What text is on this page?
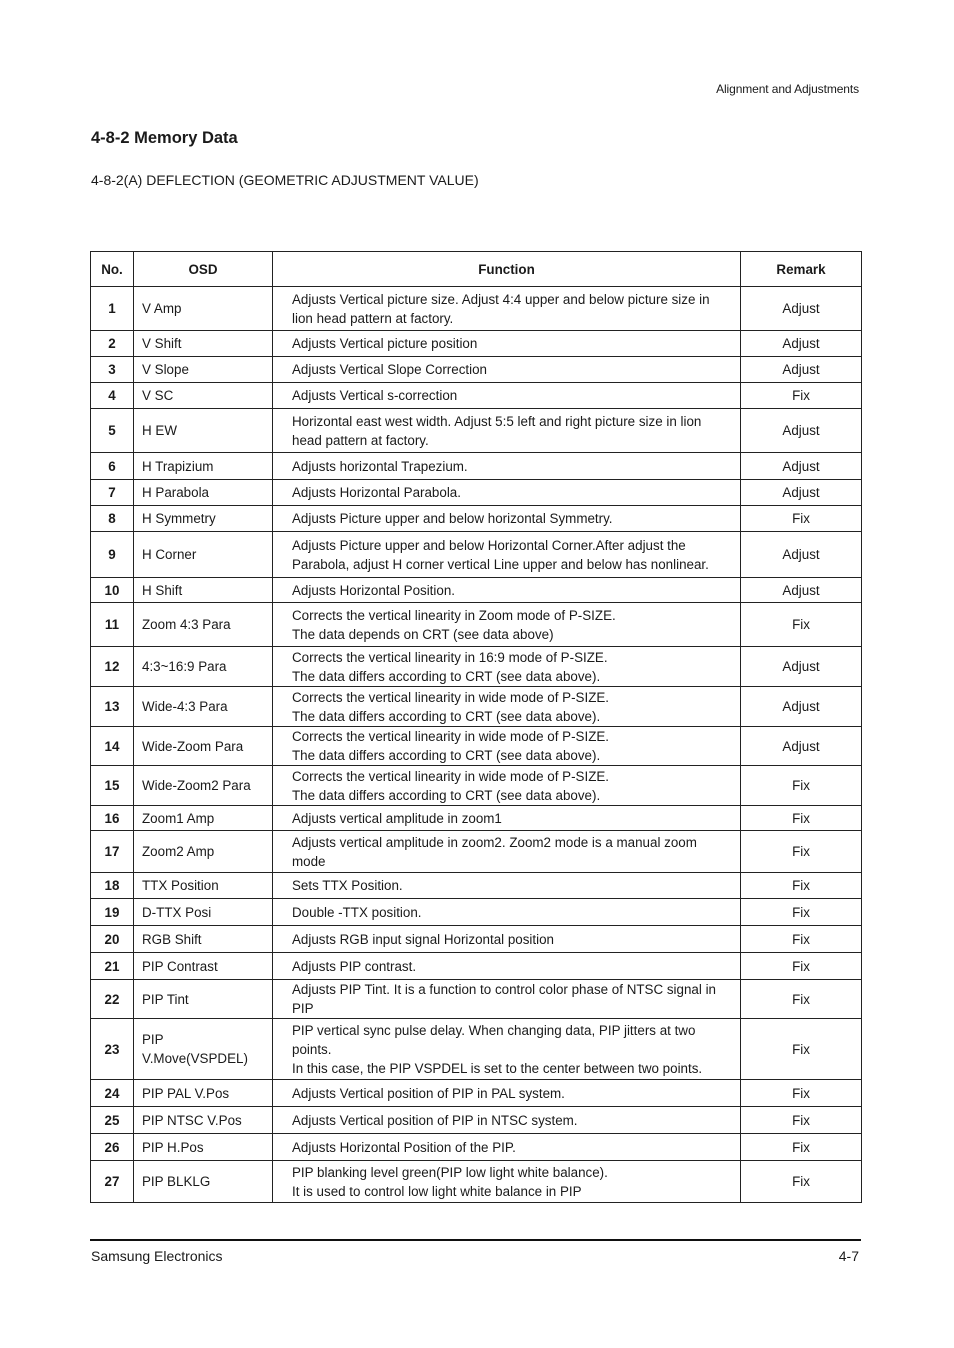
Alignment and Adjustments
4-8-2 Memory Data
4-8-2(A) DEFLECTION (GEOMETRIC ADJUSTMENT VALUE)
No.	OSD	Function	Remark
1	V Amp	Adjusts Vertical picture size. Adjust 4:4 upper and below picture size in
lion head pattern at factory.	Adjust
2	V Shift	Adjusts Vertical picture position	Adjust
3	V Slope	Adjusts Vertical Slope Correction	Adjust
4	V SC	Adjusts Vertical s-correction	Fix
5	H EW	Horizontal east west width. Adjust 5:5 left and right picture size in lion
head pattern at factory.	Adjust
6	H Trapizium	Adjusts horizontal Trapezium.	Adjust
7	H Parabola	Adjusts Horizontal Parabola.	Adjust
8	H Symmetry	Adjusts Picture upper and below horizontal Symmetry.	Fix
9	H Corner	Adjusts Picture upper and below Horizontal Corner.After adjust the
Parabola, adjust H corner vertical Line upper and below has nonlinear.	Adjust
10	H Shift	Adjusts Horizontal Position.	Adjust
11	Zoom 4:3 Para	Corrects the vertical linearity in Zoom mode of P-SIZE.
The data depends on CRT (see data above)	Fix
12	4:3~16:9 Para	Corrects the vertical linearity in 16:9 mode of P-SIZE.
The data differs according to CRT (see data above).	Adjust
13	Wide-4:3 Para	Corrects the vertical linearity in wide mode of P-SIZE.
The data differs according to CRT (see data above).	Adjust
14	Wide-Zoom Para	Corrects the vertical linearity in wide mode of P-SIZE.
The data differs according to CRT (see data above).	Adjust
15	Wide-Zoom2 Para	Corrects the vertical linearity in wide mode of P-SIZE.
The data differs according to CRT (see data above).	Fix
16	Zoom1 Amp	Adjusts vertical amplitude in zoom1	Fix
17	Zoom2 Amp	Adjusts vertical amplitude in zoom2. Zoom2 mode is a manual zoom
mode	Fix
18	TTX Position	Sets TTX Position.	Fix
19	D-TTX Posi	Double -TTX position.	Fix
20	RGB Shift	Adjusts RGB input signal Horizontal position	Fix
21	PIP Contrast	Adjusts PIP contrast.	Fix
22	PIP Tint	Adjusts PIP Tint. It is a function to control color phase of NTSC signal in
PIP	Fix
23	PIP V.Move(VSPDEL)	PIP vertical sync pulse delay. When changing data, PIP jitters at two
points.
In this case, the PIP VSPDEL is set to the center between two points.	Fix
24	PIP PAL V.Pos	Adjusts Vertical position of PIP in PAL system.	Fix
25	PIP NTSC V.Pos	Adjusts Vertical position of PIP in NTSC system.	Fix
26	PIP H.Pos	Adjusts Horizontal Position of the PIP.	Fix
27	PIP BLKLG	PIP blanking level green(PIP low light white balance).
It is used to control low light white balance in PIP	Fix
Samsung Electronics	4-7
